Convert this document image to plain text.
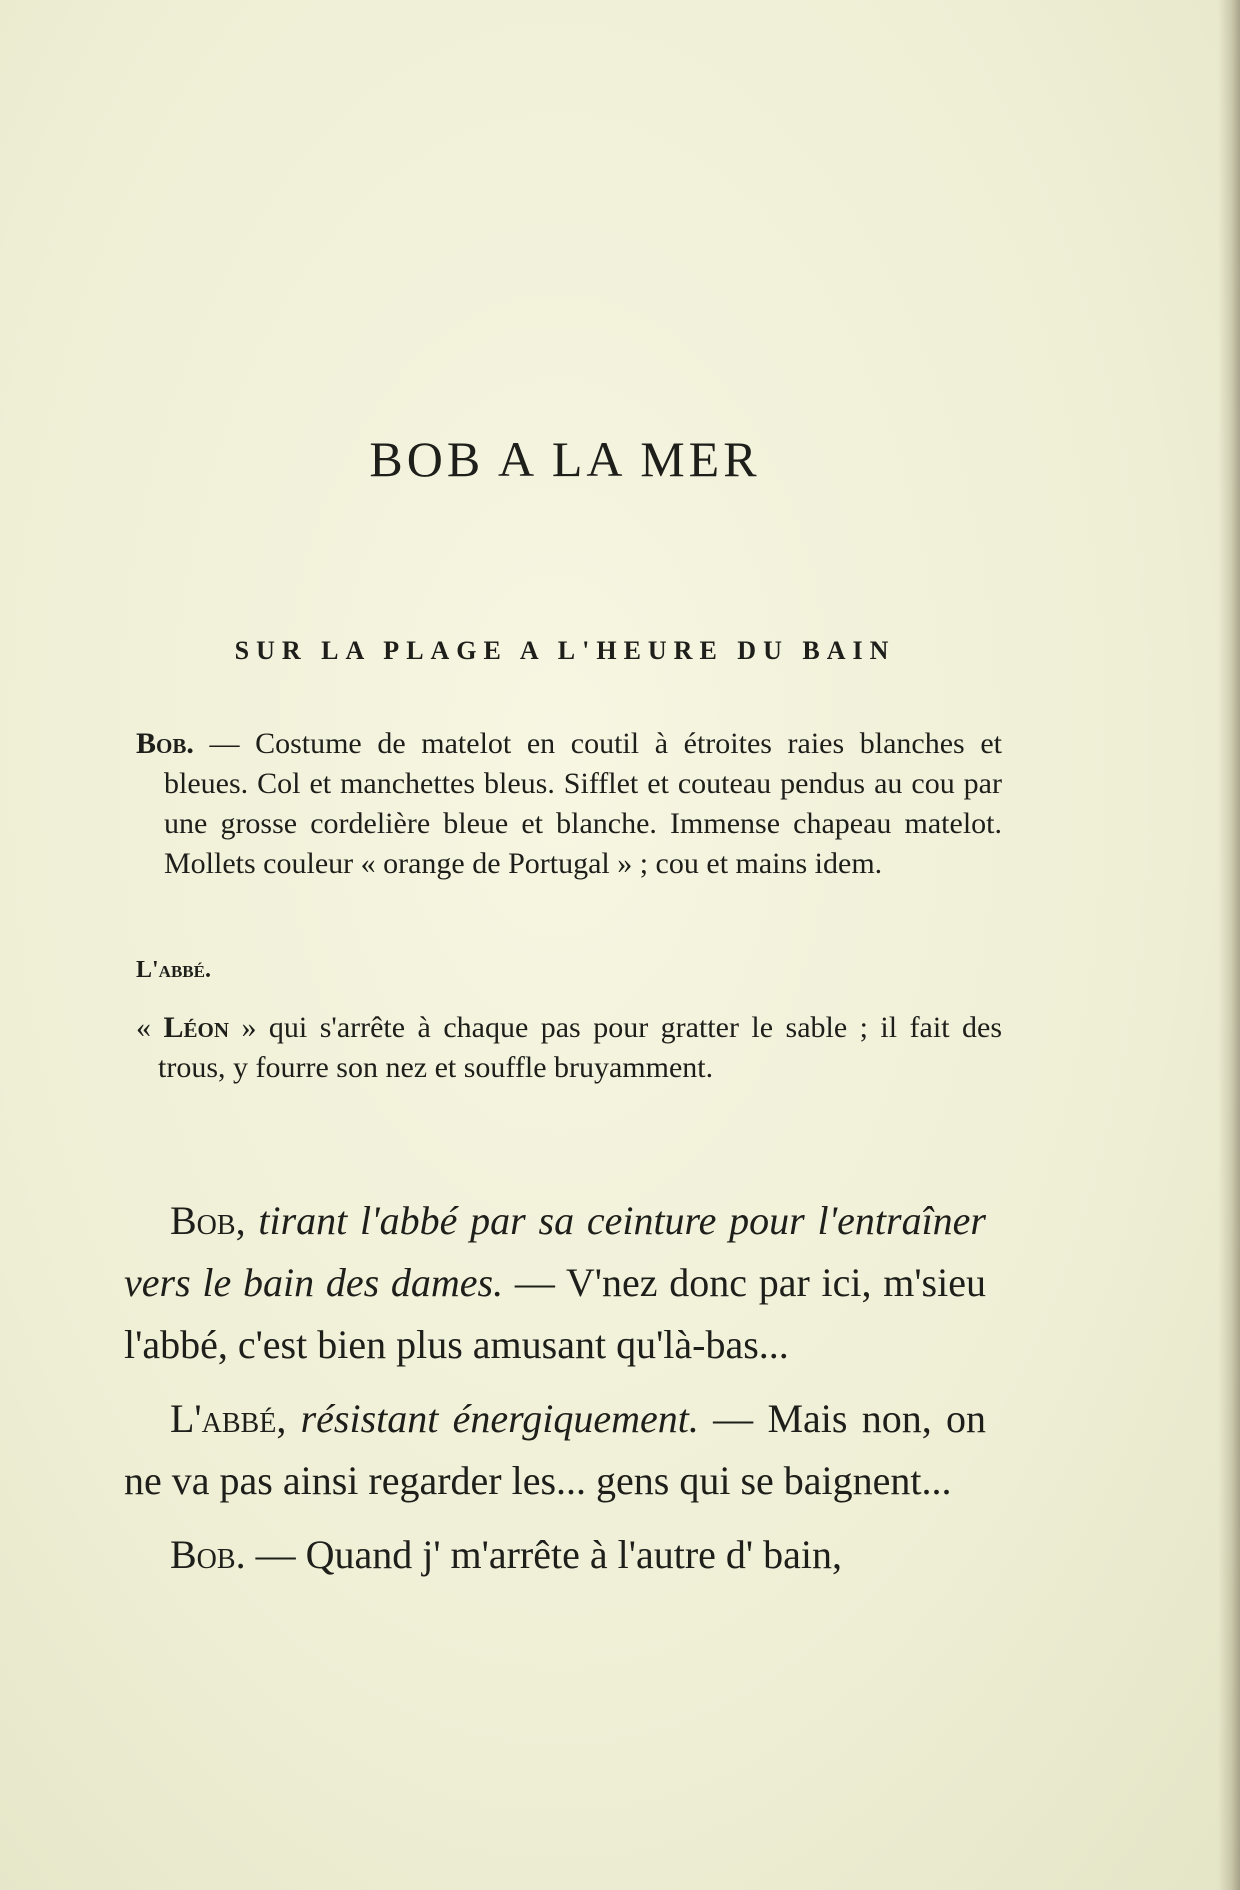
BOB A LA MER
SUR LA PLAGE A L'HEURE DU BAIN

Bob. — Costume de matelot en coutil à étroites raies blanches et bleues. Col et manchettes bleus. Sifflet et couteau pendus au cou par une grosse cordelière bleue et blanche. Immense chapeau matelot. Mollets couleur « orange de Portugal » ; cou et mains idem.

L'abbé.

« Léon » qui s'arrête à chaque pas pour gratter le sable ; il fait des trous, y fourre son nez et souffle bruyamment.

Bob, tirant l'abbé par sa ceinture pour l'entraîner vers le bain des dames. — V'nez donc par ici, m'sieu l'abbé, c'est bien plus amusant qu'là-bas...

L'abbé, résistant énergiquement. — Mais non, on ne va pas ainsi regarder les... gens qui se baignent...

Bob. — Quand j' m'arrête à l'autre d' bain,
